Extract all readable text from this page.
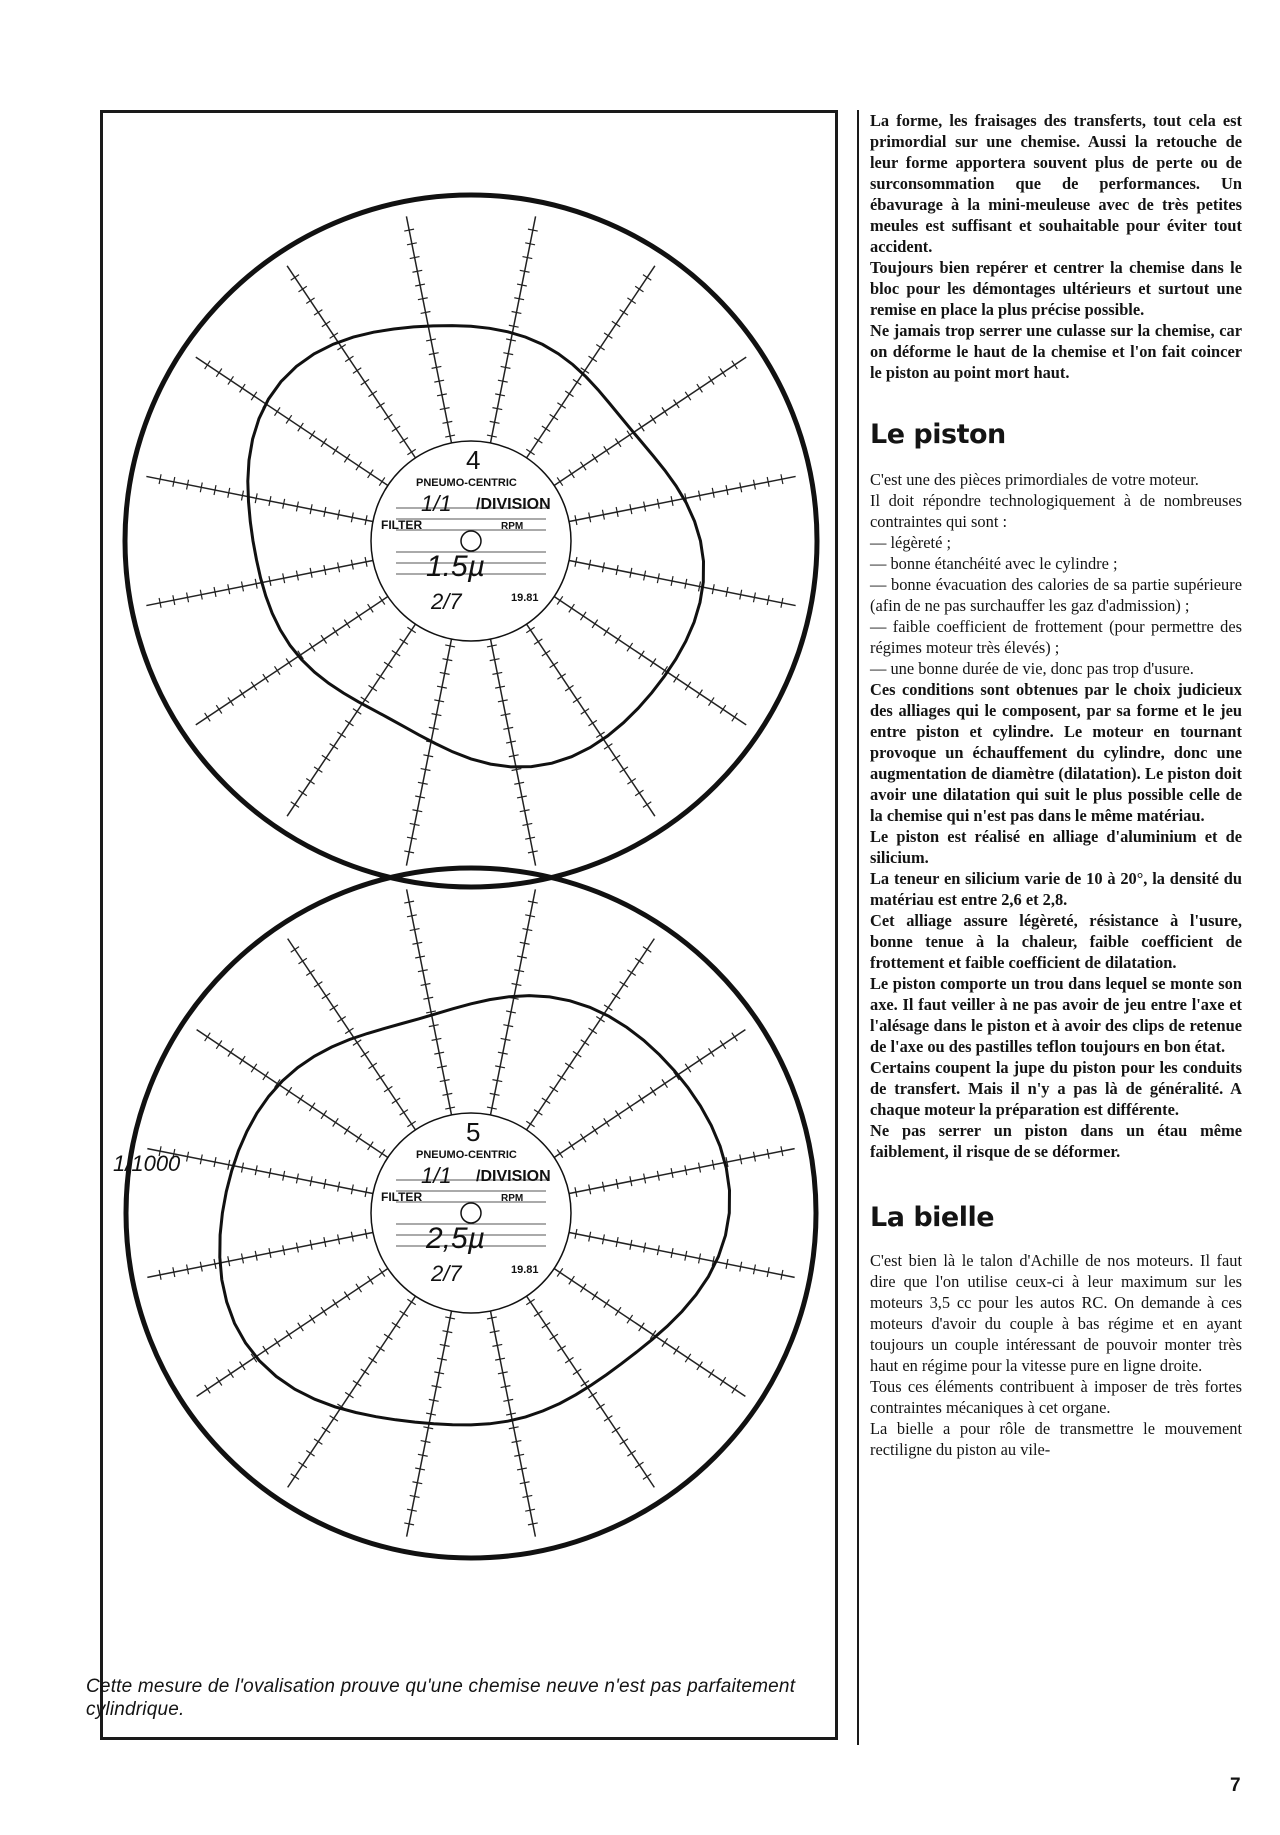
PNEUMO-CENTRIC
4
/DIVISION
FILTER	RPM
1/1
1.5µ
2/7	19.81
PNEUMO-CENTRIC
5
/DIVISION
FILTER	RPM
1/1
2,5µ
2/7	19.81
1/1000
Cette mesure de l'ovalisation prouve qu'une chemise neuve n'est pas parfaitement cylindrique.

La forme, les fraisages des transferts, tout cela est primordial sur une chemise. Aussi la retouche de leur forme apportera souvent plus de perte ou de surconsommation que de performances. Un ébavurage à la mini-meuleuse avec de très petites meules est suffisant et souhaitable pour éviter tout accident.

Toujours bien repérer et centrer la chemise dans le bloc pour les démontages ultérieurs et surtout une remise en place la plus précise possible.

Ne jamais trop serrer une culasse sur la chemise, car on déforme le haut de la chemise et l'on fait coincer le piston au point mort haut.

Le piston

C'est une des pièces primordiales de votre moteur.

Il doit répondre technologiquement à de nombreuses contraintes qui sont :

— légèreté ;

— bonne étanchéité avec le cylindre ;

— bonne évacuation des calories de sa partie supérieure (afin de ne pas surchauffer les gaz d'admission) ;

— faible coefficient de frottement (pour permettre des régimes moteur très élevés) ;

— une bonne durée de vie, donc pas trop d'usure.

Ces conditions sont obtenues par le choix judicieux des alliages qui le composent, par sa forme et le jeu entre piston et cylindre. Le moteur en tournant provoque un échauffement du cylindre, donc une augmentation de diamètre (dilatation). Le piston doit avoir une dilatation qui suit le plus possible celle de la chemise qui n'est pas dans le même matériau.

Le piston est réalisé en alliage d'aluminium et de silicium.

La teneur en silicium varie de 10 à 20°, la densité du matériau est entre 2,6 et 2,8.

Cet alliage assure légèreté, résistance à l'usure, bonne tenue à la chaleur, faible coefficient de frottement et faible coefficient de dilatation.

Le piston comporte un trou dans lequel se monte son axe. Il faut veiller à ne pas avoir de jeu entre l'axe et l'alésage dans le piston et à avoir des clips de retenue de l'axe ou des pastilles teflon toujours en bon état.

Certains coupent la jupe du piston pour les conduits de transfert. Mais il n'y a pas là de généralité. A chaque moteur la préparation est différente.

Ne pas serrer un piston dans un étau même faiblement, il risque de se déformer.

La bielle

C'est bien là le talon d'Achille de nos moteurs. Il faut dire que l'on utilise ceux-ci à leur maximum sur les moteurs 3,5 cc pour les autos RC. On demande à ces moteurs d'avoir du couple à bas régime et en ayant toujours un couple intéressant de pouvoir monter très haut en régime pour la vitesse pure en ligne droite.

Tous ces éléments contribuent à imposer de très fortes contraintes mécaniques à cet organe.

La bielle a pour rôle de transmettre le mouvement rectiligne du piston au vile-

7
